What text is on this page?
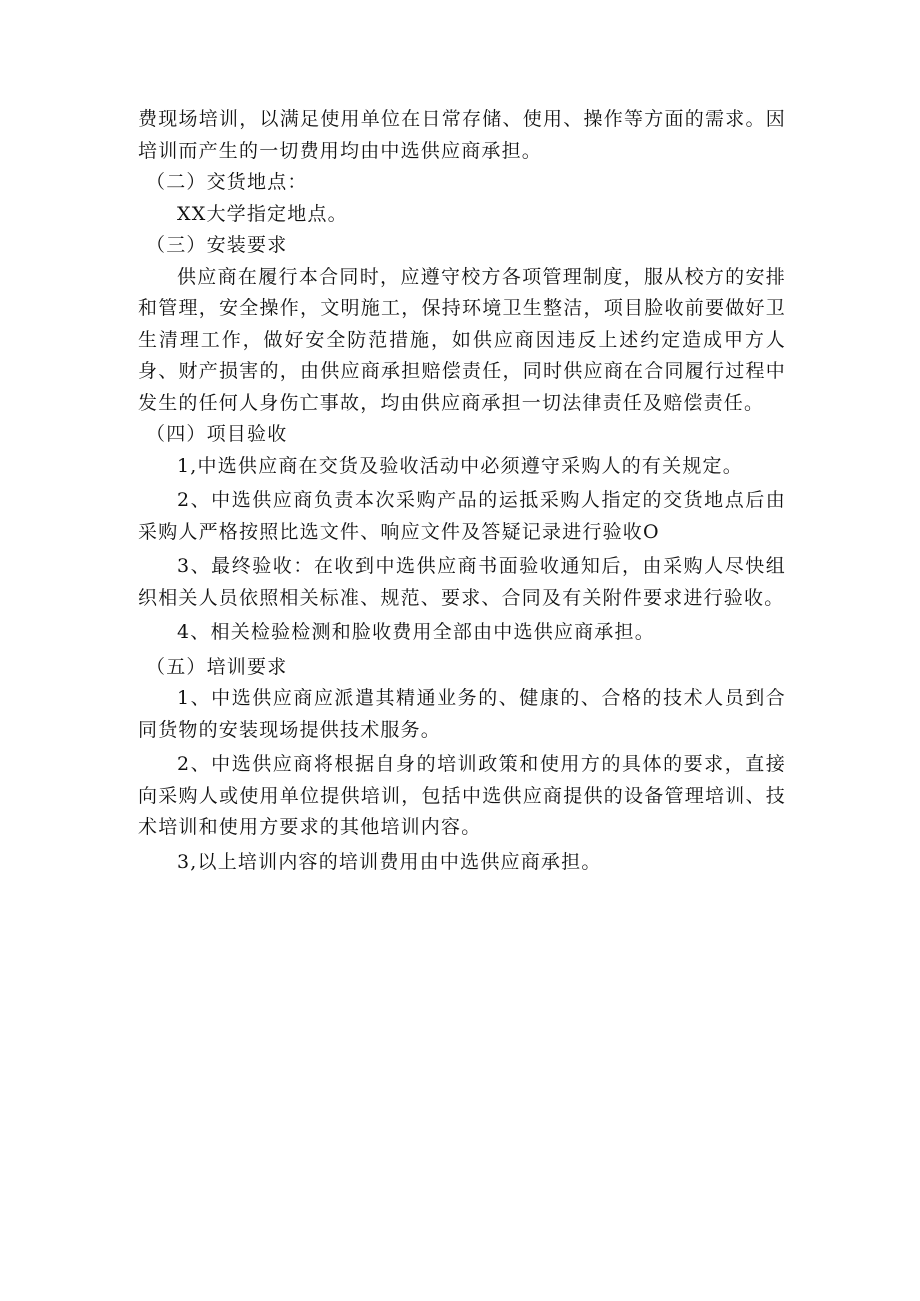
费现场培训，以满足使用单位在日常存储、使用、操作等方面的需求。因培训而产生的一切费用均由中选供应商承担。

（二）交货地点：

XX大学指定地点。

（三）安装要求

供应商在履行本合同时，应遵守校方各项管理制度，服从校方的安排和管理，安全操作，文明施工，保持环境卫生整洁，项目脸收前要做好卫生清理工作，做好安全防范措施，如供应商因违反上述约定造成甲方人身、财产损害的，由供应商承担赔偿责任，同时供应商在合同履行过程中发生的任何人身伤亡事故，均由供应商承担一切法律责任及赔偿责任。

（四）项目验收

1,中选供应商在交货及验收活动中必须遵守采购人的有关规定。

2、中选供应商负责本次采购产品的运抵采购人指定的交货地点后由采购人严格按照比选文件、响应文件及答疑记录进行验收O

3、最终验收：在收到中选供应商书面验收通知后，由采购人尽快组织相关人员依照相关标准、规范、要求、合同及有关附件要求进行验收。

4、相关检验检测和脸收费用全部由中选供应商承担。

（五）培训要求

1、中选供应商应派遣其精通业务的、健康的、合格的技术人员到合同货物的安装现场提供技术服务。

2、中选供应商将根据自身的培训政策和使用方的具体的要求，直接向采购人或使用单位提供培训，包括中选供应商提供的设备管理培训、技术培训和使用方要求的其他培训内容。

3,以上培训内容的培训费用由中选供应商承担。
